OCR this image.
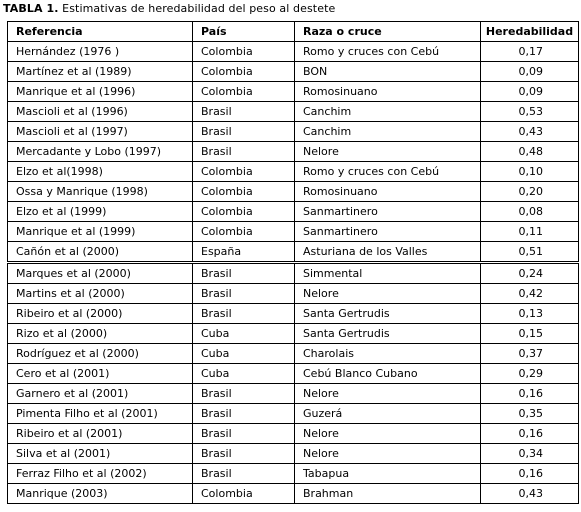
TABLA 1. Estimativas de heredabilidad del peso al destete
Referencia	País	Raza o cruce	Heredabilidad
Hernández (1976 )	Colombia	Romo y cruces con Cebú	0,17
Martínez et al (1989)	Colombia	BON	0,09
Manrique et al (1996)	Colombia	Romosinuano	0,09
Mascioli et al (1996)	Brasil	Canchim	0,53
Mascioli et al (1997)	Brasil	Canchim	0,43
Mercadante y Lobo (1997)	Brasil	Nelore	0,48
Elzo et al(1998)	Colombia	Romo y cruces con Cebú	0,10
Ossa y Manrique (1998)	Colombia	Romosinuano	0,20
Elzo et al (1999)	Colombia	Sanmartinero	0,08
Manrique et al (1999)	Colombia	Sanmartinero	0,11
Cañón et al (2000)	España	Asturiana de los Valles	0,51
Marques et al (2000)	Brasil	Simmental	0,24
Martins et al (2000)	Brasil	Nelore	0,42
Ribeiro et al (2000)	Brasil	Santa Gertrudis	0,13
Rizo et al (2000)	Cuba	Santa Gertrudis	0,15
Rodríguez et al (2000)	Cuba	Charolais	0,37
Cero et al (2001)	Cuba	Cebú Blanco Cubano	0,29
Garnero et al (2001)	Brasil	Nelore	0,16
Pimenta Filho et al (2001)	Brasil	Guzerá	0,35
Ribeiro et al (2001)	Brasil	Nelore	0,16
Silva et al (2001)	Brasil	Nelore	0,34
Ferraz Filho et al (2002)	Brasil	Tabapua	0,16
Manrique (2003)	Colombia	Brahman	0,43
